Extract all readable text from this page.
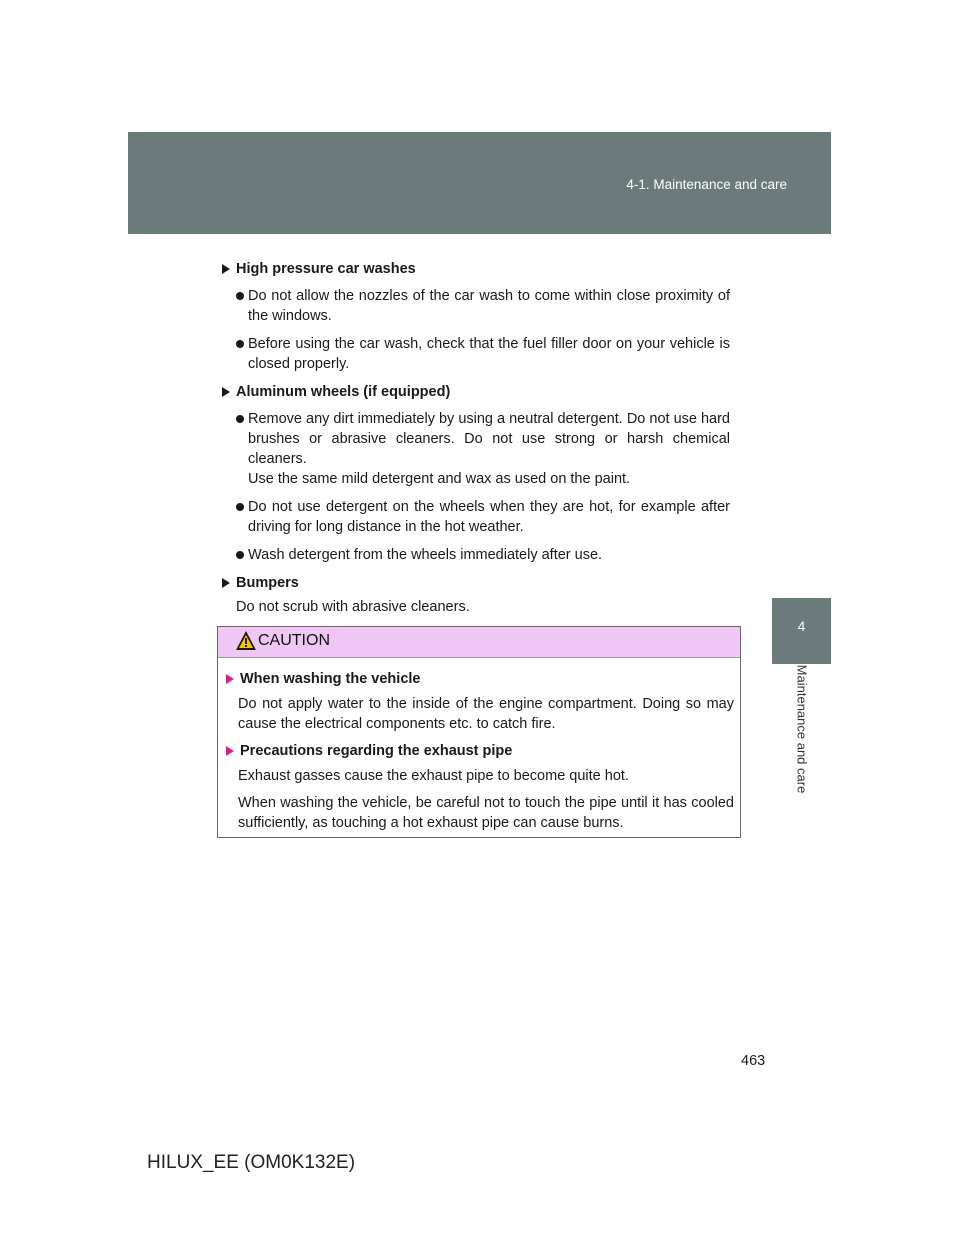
4-1. Maintenance and care
4
Maintenance and care

High pressure car washes

Do not allow the nozzles of the car wash to come within close proximity of the windows.

Before using the car wash, check that the fuel filler door on your vehicle is closed properly.

Aluminum wheels (if equipped)

Remove any dirt immediately by using a neutral detergent. Do not use hard brushes or abrasive cleaners. Do not use strong or harsh chemical cleaners.
Use the same mild detergent and wax as used on the paint.

Do not use detergent on the wheels when they are hot, for example after driving for long distance in the hot weather.

Wash detergent from the wheels immediately after use.

Bumpers

Do not scrub with abrasive cleaners.

CAUTION

When washing the vehicle

Do not apply water to the inside of the engine compartment. Doing so may cause the electrical components etc. to catch fire.

Precautions regarding the exhaust pipe

Exhaust gasses cause the exhaust pipe to become quite hot.

When washing the vehicle, be careful not to touch the pipe until it has cooled sufficiently, as touching a hot exhaust pipe can cause burns.

463
HILUX_EE (OM0K132E)
